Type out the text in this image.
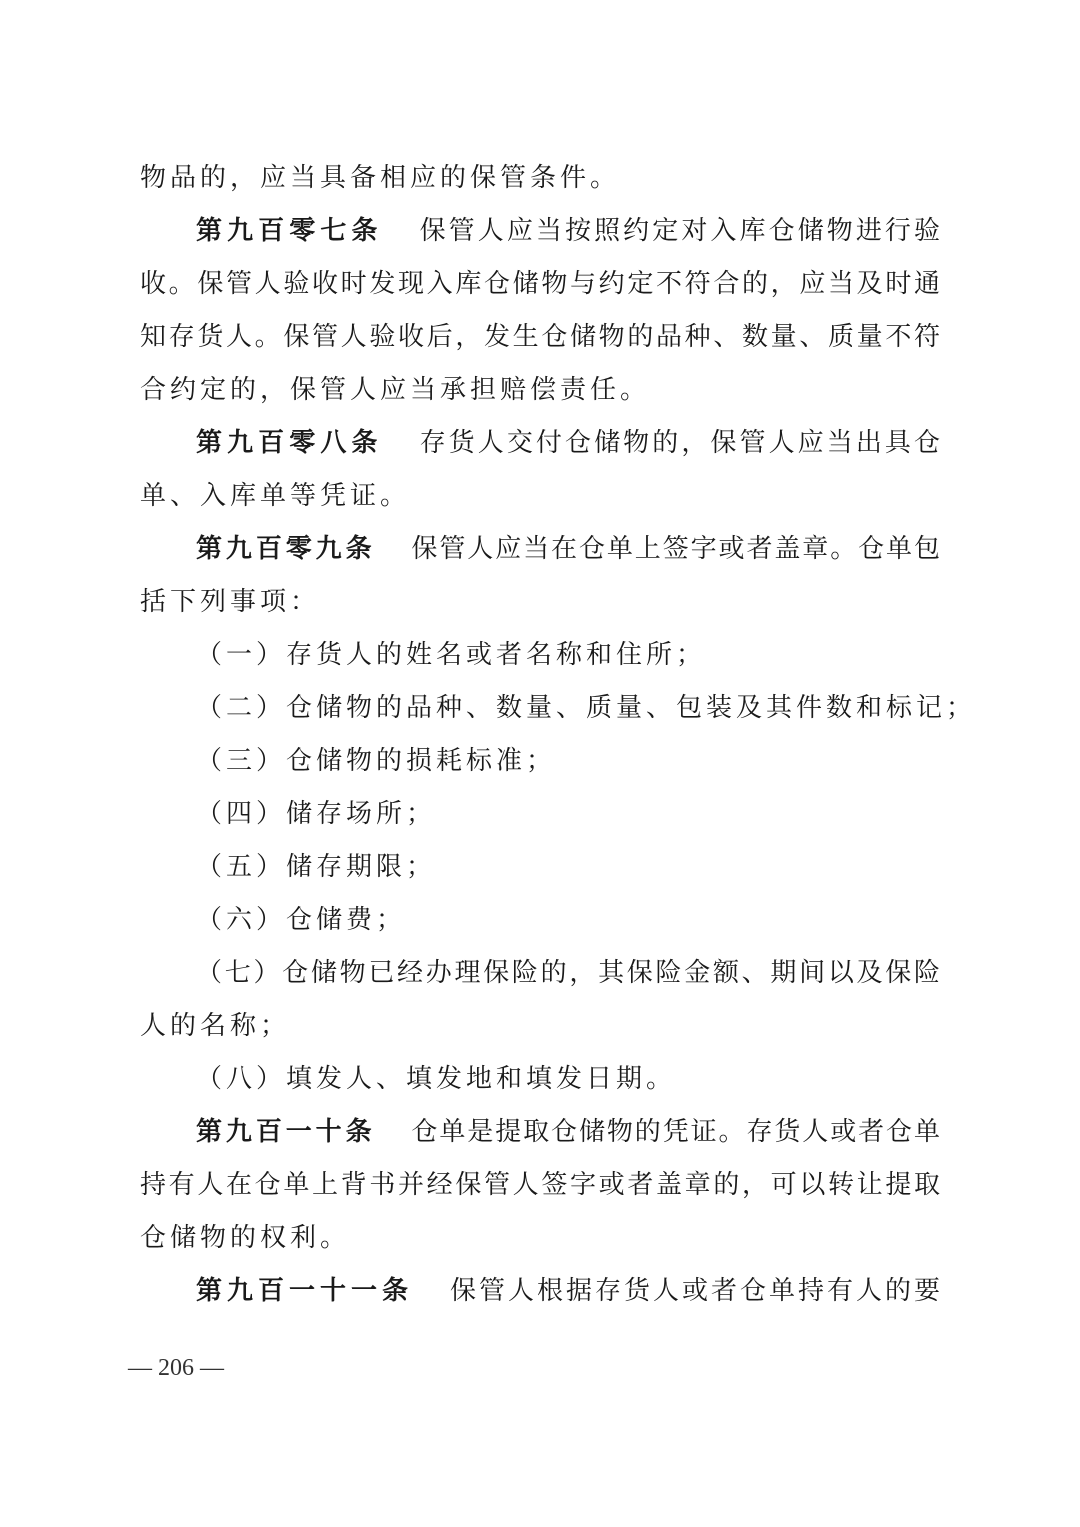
物品的，应当具备相应的保管条件。
第九百零七条 保管人应当按照约定对入库仓储物进行验
收。保管人验收时发现入库仓储物与约定不符合的，应当及时通
知存货人。保管人验收后，发生仓储物的品种、数量、质量不符
合约定的，保管人应当承担赔偿责任。
第九百零八条 存货人交付仓储物的，保管人应当出具仓
单、入库单等凭证。
第九百零九条 保管人应当在仓单上签字或者盖章。仓单包
括下列事项：
（一）存货人的姓名或者名称和住所；
（二）仓储物的品种、数量、质量、包装及其件数和标记；
（三）仓储物的损耗标准；
（四）储存场所；
（五）储存期限；
（六）仓储费；
（七）仓储物已经办理保险的，其保险金额、期间以及保险
人的名称；
（八）填发人、填发地和填发日期。
第九百一十条 仓单是提取仓储物的凭证。存货人或者仓单
持有人在仓单上背书并经保管人签字或者盖章的，可以转让提取
仓储物的权利。
第九百一十一条 保管人根据存货人或者仓单持有人的要
— 206 —
